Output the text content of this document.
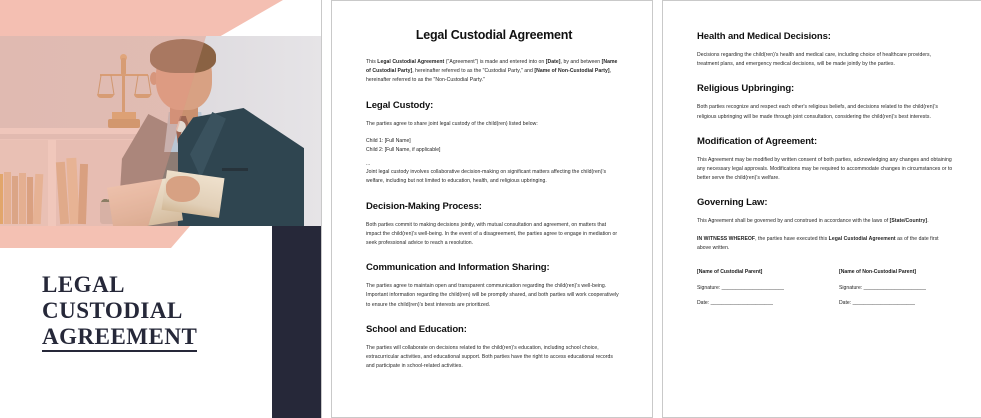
LEGAL
CUSTODIAL
AGREEMENT
Legal Custodial Agreement

This Legal Custodial Agreement ("Agreement") is made and entered into on [Date], by and between [Name of Custodial Party], hereinafter referred to as the "Custodial Party," and [Name of Non-Custodial Party], hereinafter referred to as the "Non-Custodial Party."

Legal Custody:

The parties agree to share joint legal custody of the child(ren) listed below:

Child 1: [Full Name]
Child 2: [Full Name, if applicable]
...

Joint legal custody involves collaborative decision-making on significant matters affecting the child(ren)'s welfare, including but not limited to education, health, and religious upbringing.

Decision-Making Process:

Both parties commit to making decisions jointly, with mutual consultation and agreement, on matters that impact the child(ren)'s well-being. In the event of a disagreement, the parties agree to engage in mediation or seek professional advice to reach a resolution.

Communication and Information Sharing:

The parties agree to maintain open and transparent communication regarding the child(ren)'s well-being. Important information regarding the child(ren) will be promptly shared, and both parties will work cooperatively to ensure the child(ren)'s best interests are prioritized.

School and Education:

The parties will collaborate on decisions related to the child(ren)'s education, including school choice, extracurricular activities, and educational support. Both parties have the right to access educational records and participate in school-related activities.

Health and Medical Decisions:

Decisions regarding the child(ren)'s health and medical care, including choice of healthcare providers, treatment plans, and emergency medical decisions, will be made jointly by the parties.

Religious Upbringing:

Both parties recognize and respect each other's religious beliefs, and decisions related to the child(ren)'s religious upbringing will be made through joint consultation, considering the child(ren)'s best interests.

Modification of Agreement:

This Agreement may be modified by written consent of both parties, acknowledging any changes and obtaining any necessary legal approvals. Modifications may be required to accommodate changes in circumstances or to better serve the child(ren)'s welfare.

Governing Law:

This Agreement shall be governed by and construed in accordance with the laws of [State/Country].

IN WITNESS WHEREOF, the parties have executed this Legal Custodial Agreement as of the date first above written.

[Name of Custodial Parent]
Signature: ______________________
Date: ______________________
[Name of Non-Custodial Parent]
Signature: ______________________
Date: ______________________
